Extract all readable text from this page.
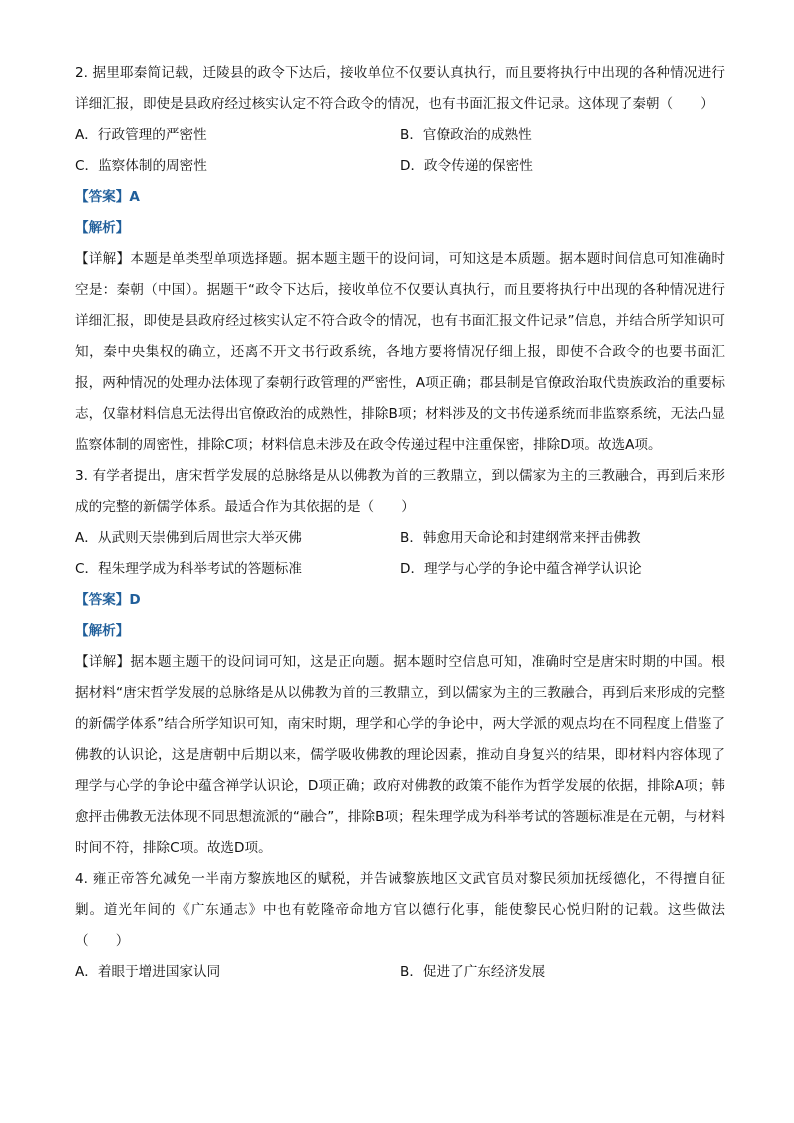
2. 据里耶秦简记载，迁陵县的政令下达后，接收单位不仅要认真执行，而且要将执行中出现的各种情况进行详细汇报，即使是县政府经过核实认定不符合政令的情况，也有书面汇报文件记录。这体现了秦朝（　　）
A．行政管理的严密性	B．官僚政治的成熟性
C．监察体制的周密性	D．政令传递的保密性
【答案】A
【解析】
【详解】本题是单类型单项选择题。据本题主题干的设问词，可知这是本质题。据本题时间信息可知准确时空是：秦朝（中国）。据题干“政令下达后，接收单位不仅要认真执行，而且要将执行中出现的各种情况进行详细汇报，即使是县政府经过核实认定不符合政令的情况，也有书面汇报文件记录”信息，并结合所学知识可知，秦中央集权的确立，还离不开文书行政系统，各地方要将情况仔细上报，即使不合政令的也要书面汇报，两种情况的处理办法体现了秦朝行政管理的严密性，A项正确；郡县制是官僚政治取代贵族政治的重要标志，仅靠材料信息无法得出官僚政治的成熟性，排除B项；材料涉及的文书传递系统而非监察系统，无法凸显监察体制的周密性，排除C项；材料信息未涉及在政令传递过程中注重保密，排除D项。故选A项。
3. 有学者提出，唐宋哲学发展的总脉络是从以佛教为首的三教鼎立，到以儒家为主的三教融合，再到后来形成的完整的新儒学体系。最适合作为其依据的是（　　）
A．从武则天崇佛到后周世宗大举灭佛	B．韩愈用天命论和封建纲常来抨击佛教
C．程朱理学成为科举考试的答题标准	D．理学与心学的争论中蕴含禅学认识论
【答案】D
【解析】
【详解】据本题主题干的设问词可知，这是正向题。据本题时空信息可知，准确时空是唐宋时期的中国。根据材料“唐宋哲学发展的总脉络是从以佛教为首的三教鼎立，到以儒家为主的三教融合，再到后来形成的完整的新儒学体系”结合所学知识可知，南宋时期，理学和心学的争论中，两大学派的观点均在不同程度上借鉴了佛教的认识论，这是唐朝中后期以来，儒学吸收佛教的理论因素，推动自身复兴的结果，即材料内容体现了理学与心学的争论中蕴含禅学认识论，D项正确；政府对佛教的政策不能作为哲学发展的依据，排除A项；韩愈抨击佛教无法体现不同思想流派的“融合”，排除B项；程朱理学成为科举考试的答题标准是在元朝，与材料时间不符，排除C项。故选D项。
4. 雍正帝答允减免一半南方黎族地区的赋税，并告诫黎族地区文武官员对黎民须加抚绥德化，不得擅自征剿。道光年间的《广东通志》中也有乾隆帝命地方官以德行化事，能使黎民心悦归附的记载。这些做法（　　）
A．着眼于增进国家认同	B．促进了广东经济发展
